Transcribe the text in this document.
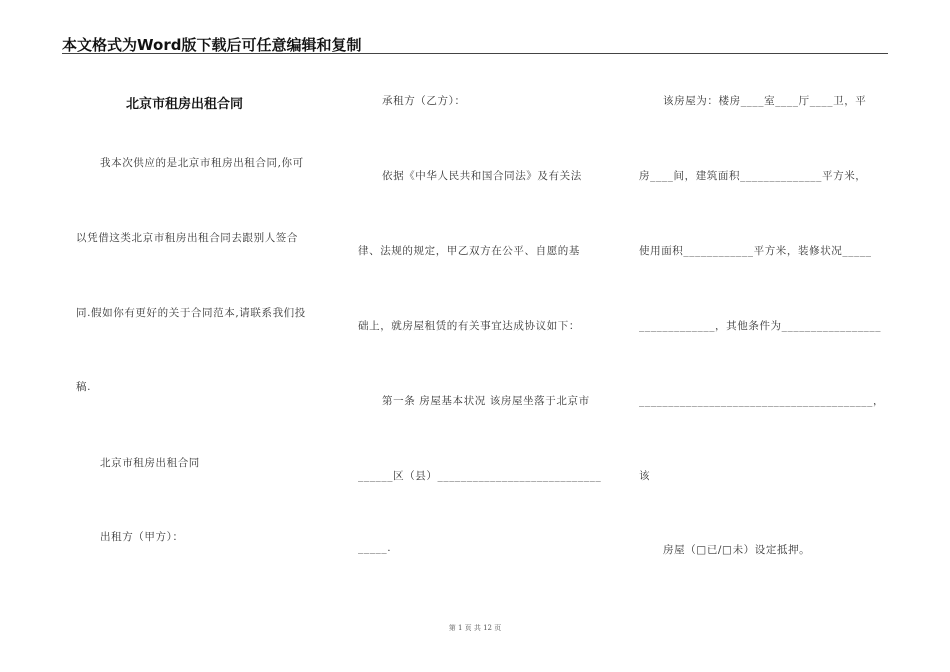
本文格式为Word版下载后可任意编辑和复制
北京市租房出租合同
我本次供应的是北京市租房出租合同,你可
以凭借这类北京市租房出租合同去跟别人签合
同.假如你有更好的关于合同范本,请联系我们投
稿.
北京市租房出租合同
出租方（甲方）：
承租方（乙方）：
依据《中华人民共和国合同法》及有关法
律、法规的规定，甲乙双方在公平、自愿的基
础上，就房屋租赁的有关事宜达成协议如下：
第一条 房屋基本状况 该房屋坐落于北京市
______区（县）____________________________
_____.
该房屋为：楼房____室____厅____卫，平
房____间，建筑面积______________平方米，
使用面积____________平方米，装修状况_____
_____________，其他条件为_________________
________________________________________，
该
房屋（□已/□未）设定抵押。
第 1 页 共 12 页
